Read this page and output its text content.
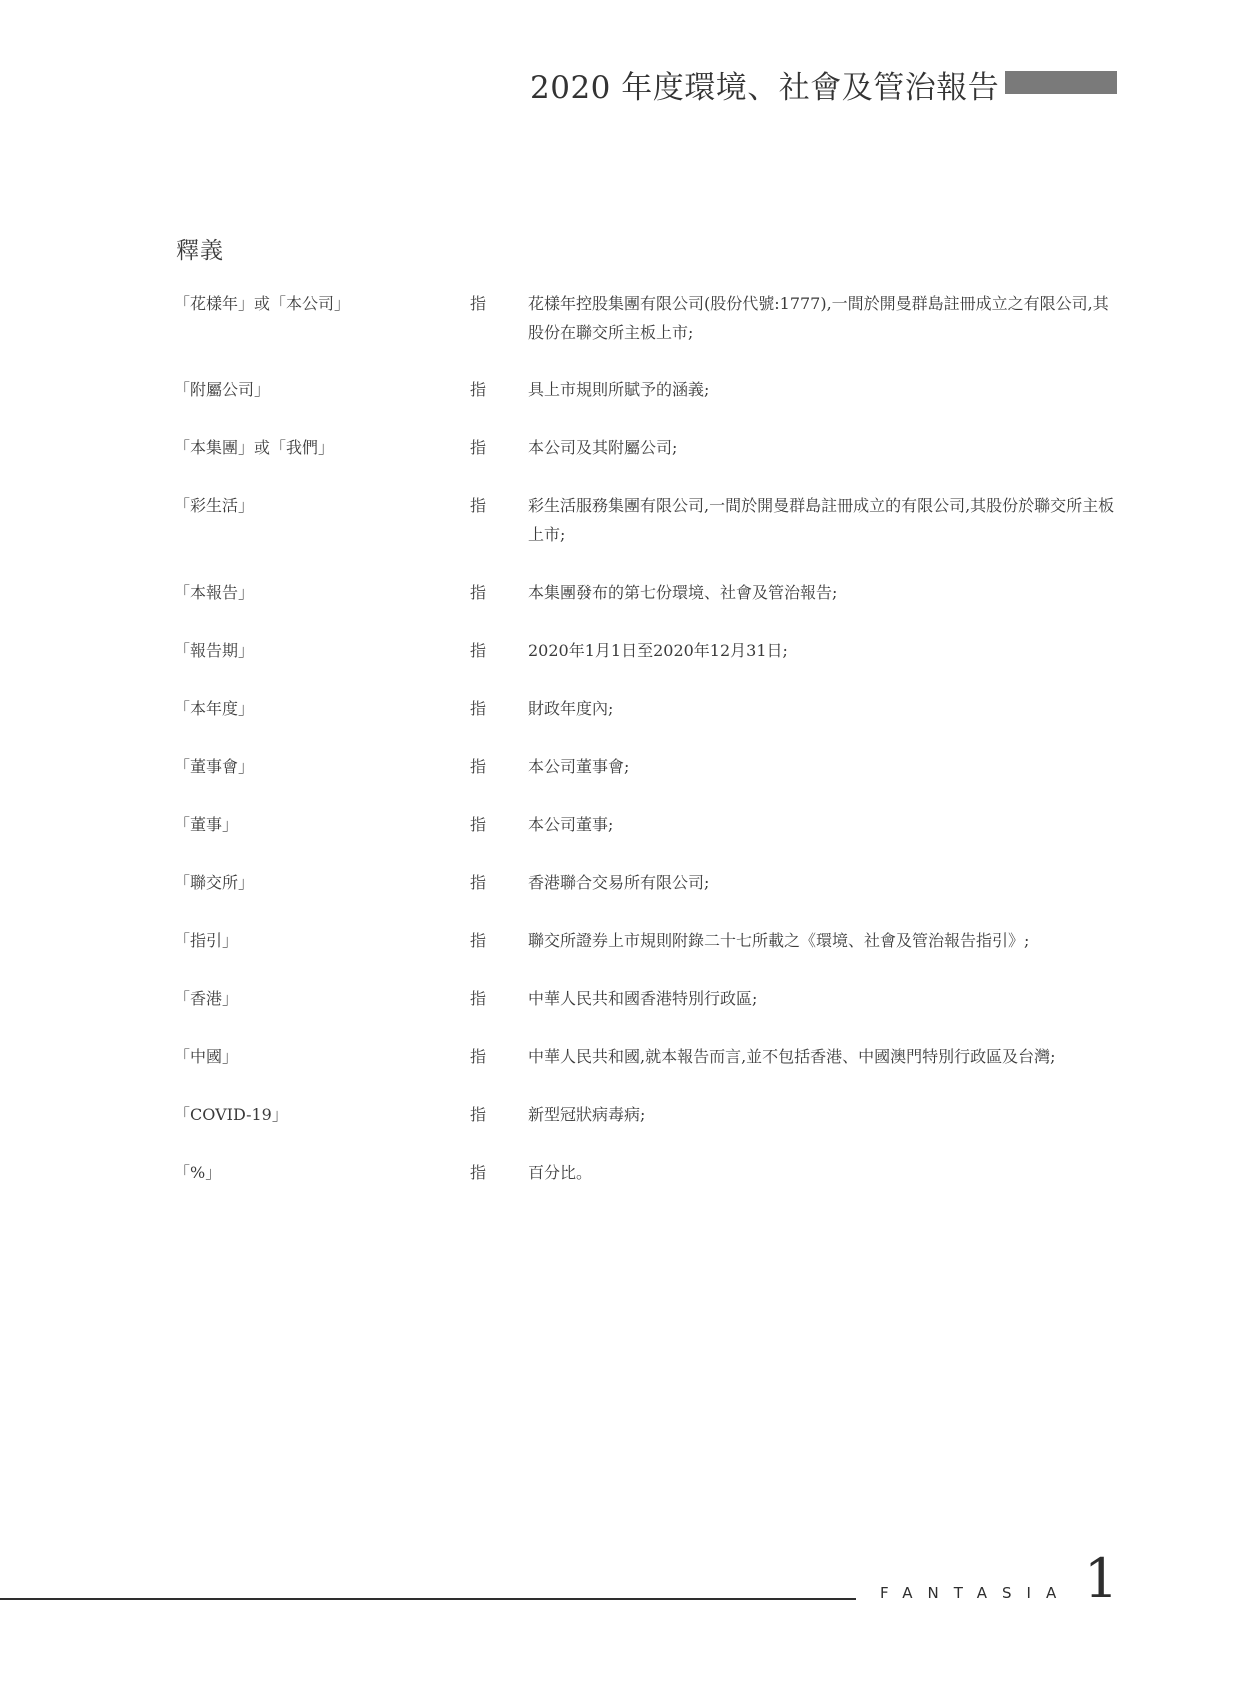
2020 年度環境、社會及管治報告
釋義
「花樣年」或「本公司」	指	花樣年控股集團有限公司(股份代號:1777),一間於開曼群島註冊成立之有限公司,其股份在聯交所主板上市;
「附屬公司」	指	具上市規則所賦予的涵義;
「本集團」或「我們」	指	本公司及其附屬公司;
「彩生活」	指	彩生活服務集團有限公司,一間於開曼群島註冊成立的有限公司,其股份於聯交所主板上市;
「本報告」	指	本集團發布的第七份環境、社會及管治報告;
「報告期」	指	2020年1月1日至2020年12月31日;
「本年度」	指	財政年度內;
「董事會」	指	本公司董事會;
「董事」	指	本公司董事;
「聯交所」	指	香港聯合交易所有限公司;
「指引」	指	聯交所證券上市規則附錄二十七所載之《環境、社會及管治報告指引》;
「香港」	指	中華人民共和國香港特別行政區;
「中國」	指	中華人民共和國,就本報告而言,並不包括香港、中國澳門特別行政區及台灣;
「COVID-19」	指	新型冠狀病毒病;
「%」	指	百分比。
FANTASIA 1
